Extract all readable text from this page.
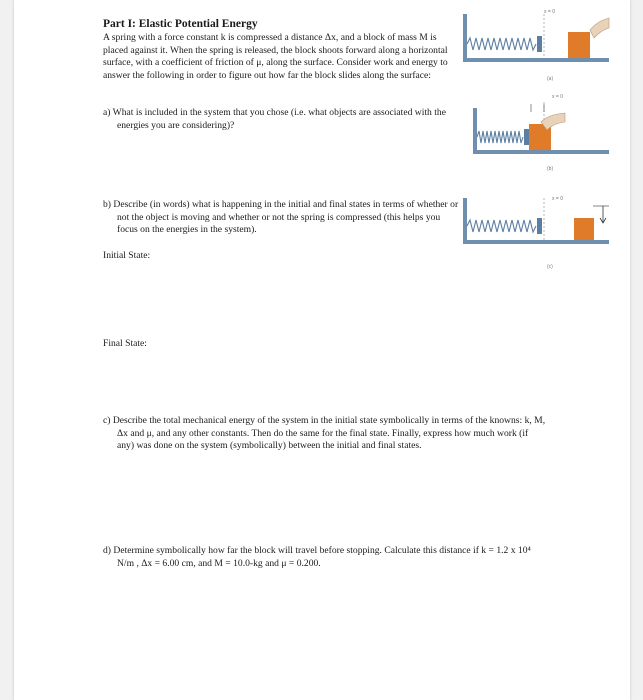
Part I: Elastic Potential Energy
A spring with a force constant k is compressed a distance Δx, and a block of mass M is placed against it. When the spring is released, the block shoots forward along a horizontal surface, with a coefficient of friction of μ, along the surface. Consider work and energy to answer the following in order to figure out how far the block slides along the surface:
a) What is included in the system that you chose (i.e. what objects are associated with the energies you are considering)?
b) Describe (in words) what is happening in the initial and final states in terms of whether or not the object is moving and whether or not the spring is compressed (this helps you focus on the energies in the system).
Initial State:
Final State:
c) Describe the total mechanical energy of the system in the initial state symbolically in terms of the knowns: k, M, Δx and μ, and any other constants. Then do the same for the final state. Finally, express how much work (if any) was done on the system (symbolically) between the initial and final states.
d) Determine symbolically how far the block will travel before stopping. Calculate this distance if k = 1.2 x 10⁴ N/m , Δx = 6.00 cm, and M = 10.0-kg and μ = 0.200.
x = 0
(a)
x = 0
(b)
x = 0
(c)
